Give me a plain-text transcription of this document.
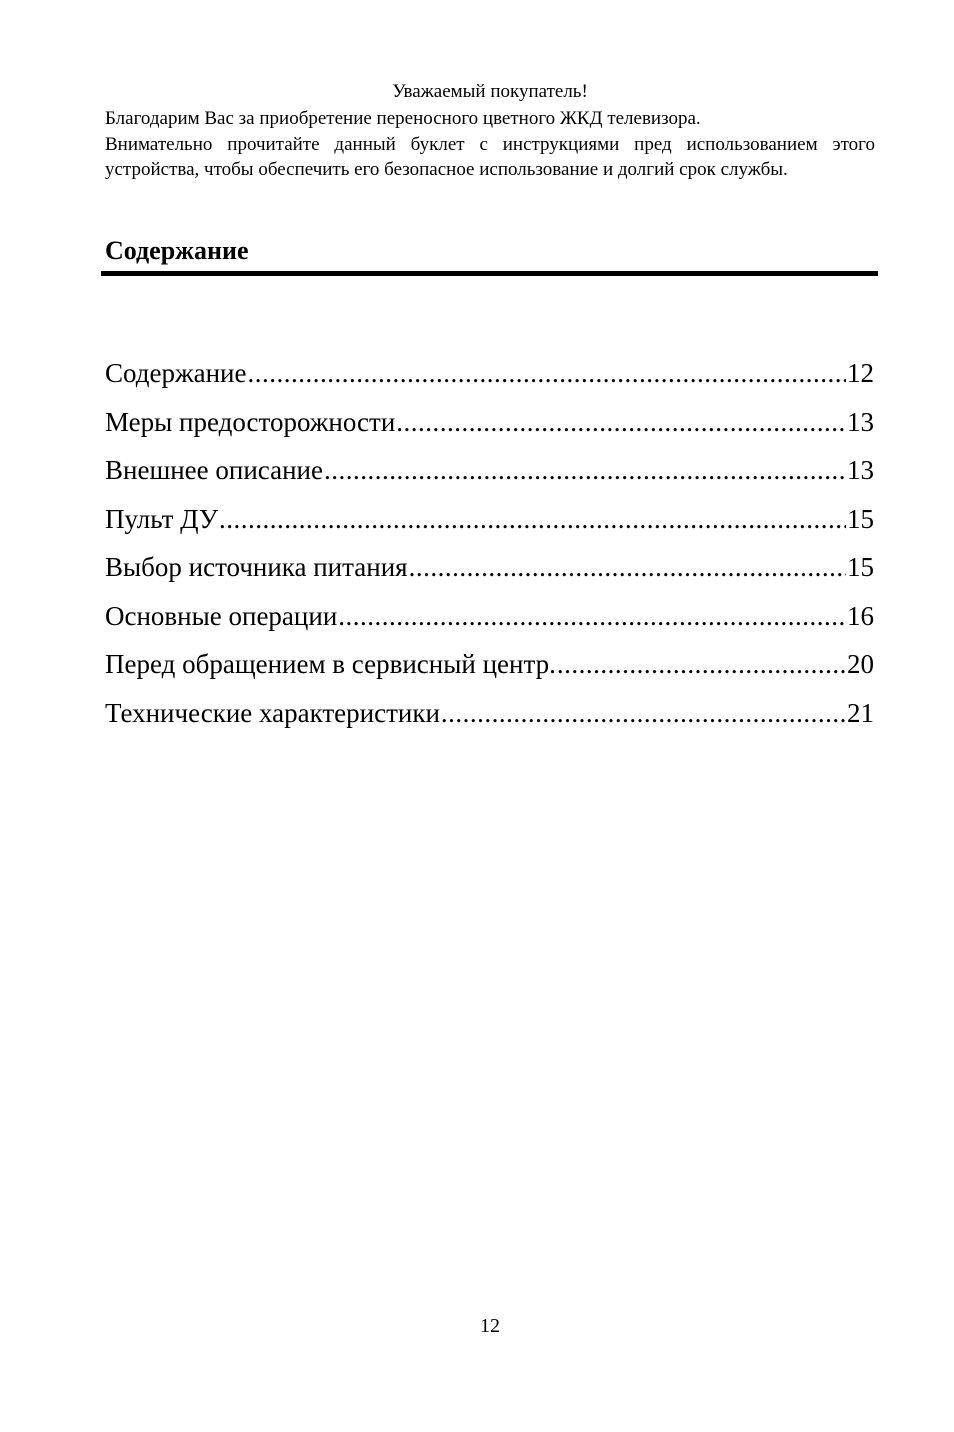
Уважаемый покупатель!

Благодарим Вас за приобретение переносного цветного ЖКД телевизора.

Внимательно прочитайте данный буклет с инструкциями пред использованием этого устройства, чтобы обеспечить его безопасное использование и долгий срок службы.

Содержание
Содержание .....	12
Меры предосторожности .....	13
Внешнее описание .....	13
Пульт ДУ .....	15
Выбор источника питания .....	15
Основные операции .....	16
Перед обращением в сервисный центр. .....	20
Технические характеристики .....	21
12
